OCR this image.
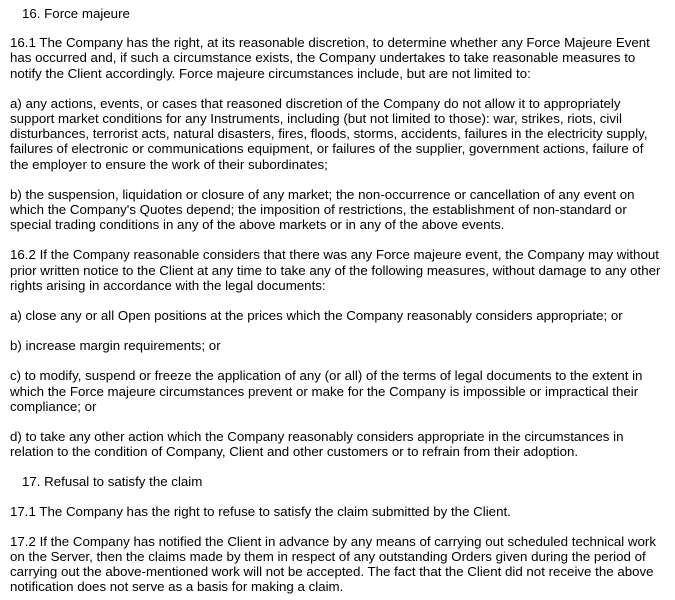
16. Force majeure

16.1 The Company has the right, at its reasonable discretion, to determine whether any Force Majeure Event has occurred and, if such a circumstance exists, the Company undertakes to take reasonable measures to notify the Client accordingly. Force majeure circumstances include, but are not limited to:

a) any actions, events, or cases that reasoned discretion of the Company do not allow it to appropriately support market conditions for any Instruments, including (but not limited to those): war, strikes, riots, civil disturbances, terrorist acts, natural disasters, fires, floods, storms, accidents, failures in the electricity supply, failures of electronic or communications equipment, or failures of the supplier, government actions, failure of the employer to ensure the work of their subordinates;

b) the suspension, liquidation or closure of any market; the non-occurrence or cancellation of any event on which the Company's Quotes depend; the imposition of restrictions, the establishment of non-standard or special trading conditions in any of the above markets or in any of the above events.

16.2 If the Company reasonable considers that there was any Force majeure event, the Company may without prior written notice to the Client at any time to take any of the following measures, without damage to any other rights arising in accordance with the legal documents:

a) close any or all Open positions at the prices which the Company reasonably considers appropriate; or

b) increase margin requirements; or

c) to modify, suspend or freeze the application of any (or all) of the terms of legal documents to the extent in which the Force majeure circumstances prevent or make for the Company is impossible or impractical their compliance; or

d) to take any other action which the Company reasonably considers appropriate in the circumstances in relation to the condition of Company, Client and other customers or to refrain from their adoption.

17. Refusal to satisfy the claim

17.1 The Company has the right to refuse to satisfy the claim submitted by the Client.

17.2 If the Company has notified the Client in advance by any means of carrying out scheduled technical work on the Server, then the claims made by them in respect of any outstanding Orders given during the period of carrying out the above-mentioned work will not be accepted. The fact that the Client did not receive the above notification does not serve as a basis for making a claim.
